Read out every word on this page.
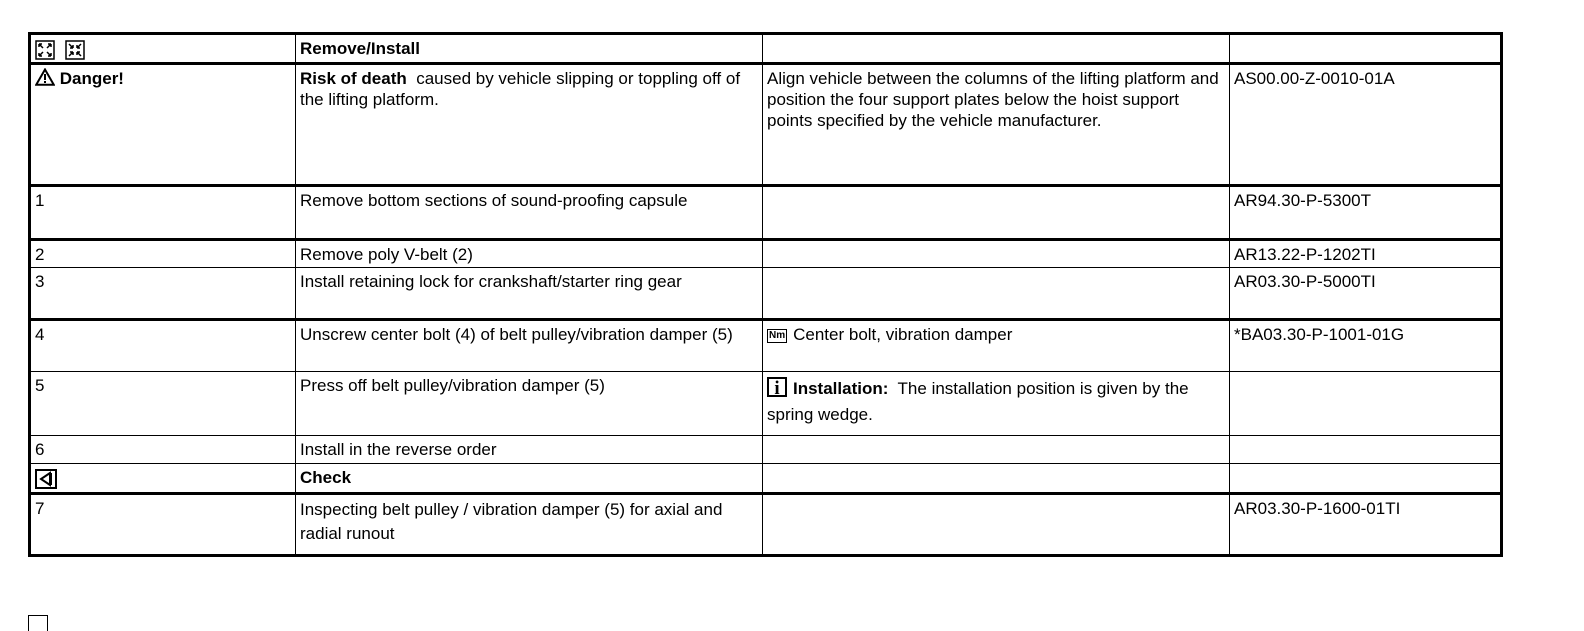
	Remove/Install		
Danger!	Risk of death caused by vehicle slipping or toppling off of the lifting platform.	Align vehicle between the columns of the lifting platform and position the four support plates below the hoist support points specified by the vehicle manufacturer.	AS00.00-Z-0010-01A
1	Remove bottom sections of sound-proofing capsule		AR94.30-P-5300T
2	Remove poly V-belt (2)		AR13.22-P-1202TI
3	Install retaining lock for crankshaft/starter ring gear		AR03.30-P-5000TI
4	Unscrew center bolt (4) of belt pulley/vibration damper (5)	Nm Center bolt, vibration damper	*BA03.30-P-1001-01G
5	Press off belt pulley/vibration damper (5)	i Installation: The installation position is given by the spring wedge.	
6	Install in the reverse order		
	Check		
7	Inspecting belt pulley / vibration damper (5) for axial and radial runout		AR03.30-P-1600-01TI
